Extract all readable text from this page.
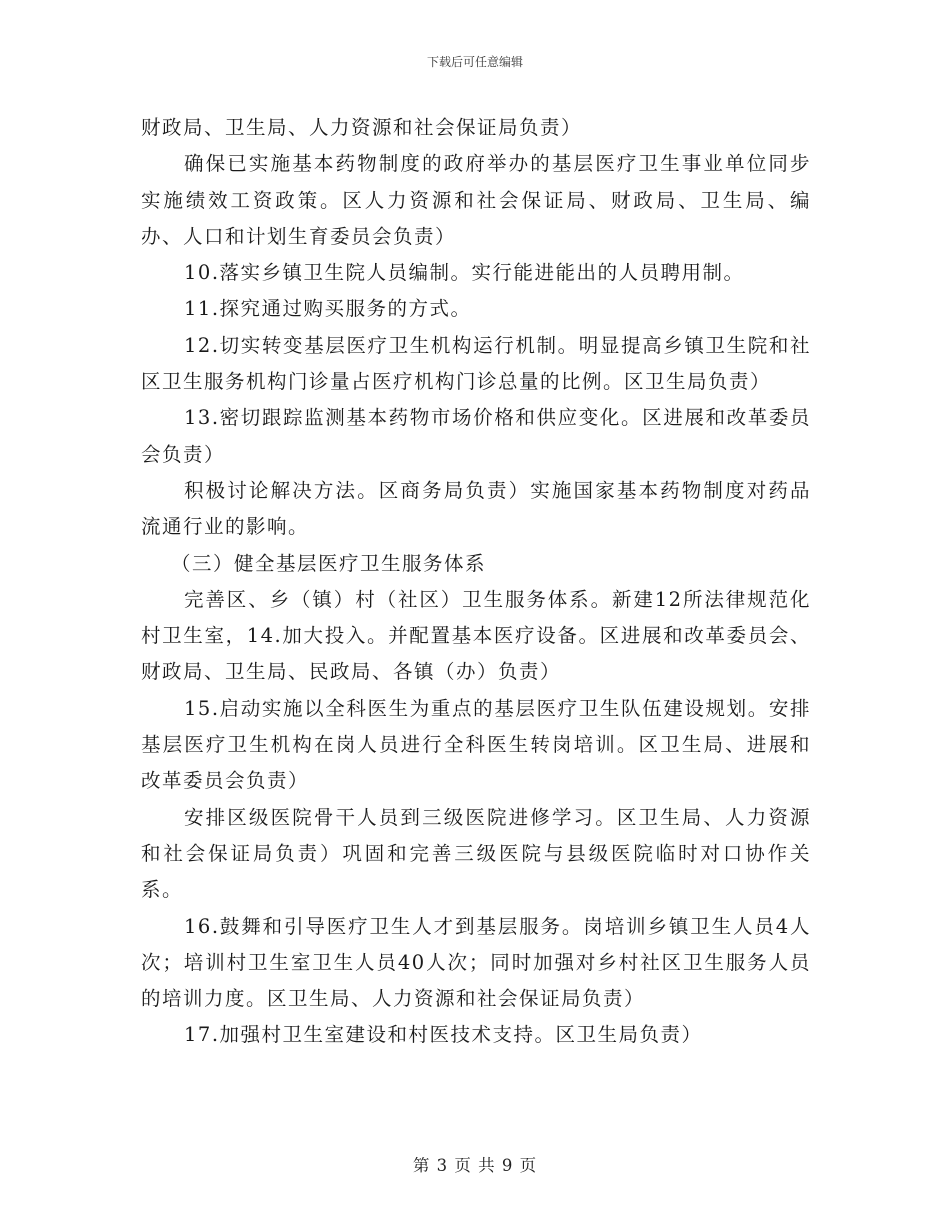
下载后可任意编辑

财政局、卫生局、人力资源和社会保证局负责）

确保已实施基本药物制度的政府举办的基层医疗卫生事业单位同步实施绩效工资政策。区人力资源和社会保证局、财政局、卫生局、编办、人口和计划生育委员会负责）

10.落实乡镇卫生院人员编制。实行能进能出的人员聘用制。

11.探究通过购买服务的方式。

12.切实转变基层医疗卫生机构运行机制。明显提高乡镇卫生院和社区卫生服务机构门诊量占医疗机构门诊总量的比例。区卫生局负责）

13.密切跟踪监测基本药物市场价格和供应变化。区进展和改革委员会负责）

积极讨论解决方法。区商务局负责）实施国家基本药物制度对药品流通行业的影响。

（三）健全基层医疗卫生服务体系

完善区、乡（镇）村（社区）卫生服务体系。新建12所法律规范化村卫生室，14.加大投入。并配置基本医疗设备。区进展和改革委员会、财政局、卫生局、民政局、各镇（办）负责）

15.启动实施以全科医生为重点的基层医疗卫生队伍建设规划。安排基层医疗卫生机构在岗人员进行全科医生转岗培训。区卫生局、进展和改革委员会负责）

安排区级医院骨干人员到三级医院进修学习。区卫生局、人力资源和社会保证局负责）巩固和完善三级医院与县级医院临时对口协作关系。

16.鼓舞和引导医疗卫生人才到基层服务。岗培训乡镇卫生人员4人次；培训村卫生室卫生人员40人次；同时加强对乡村社区卫生服务人员的培训力度。区卫生局、人力资源和社会保证局负责）

17.加强村卫生室建设和村医技术支持。区卫生局负责）

第 3 页 共 9 页
